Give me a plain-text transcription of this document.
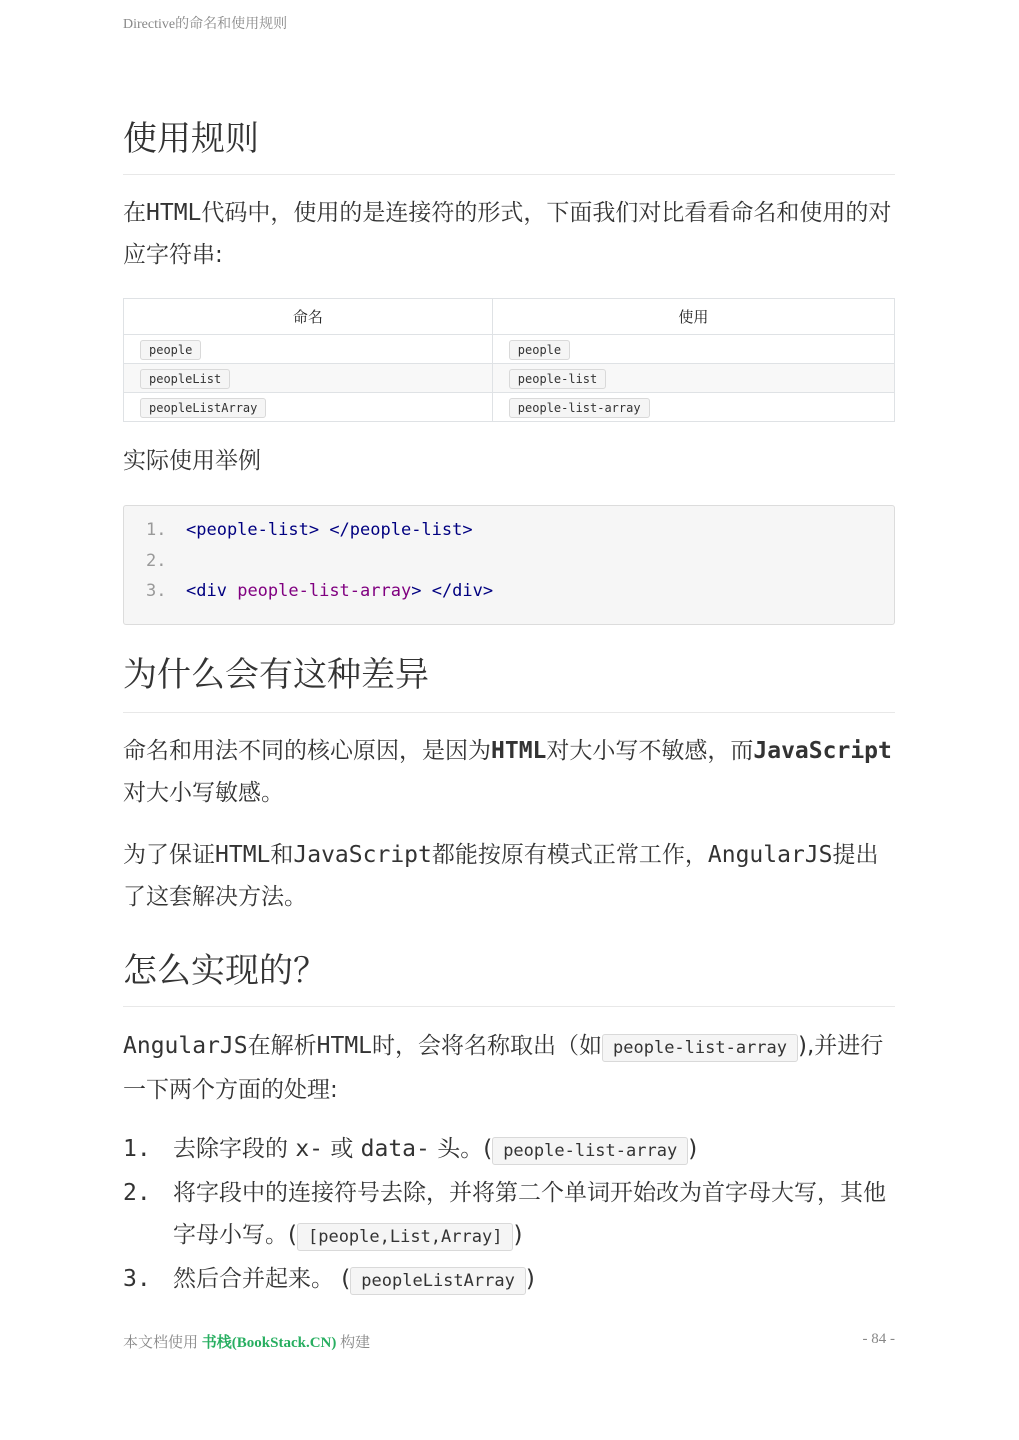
Directive的命名和使用规则
使用规则

在HTML代码中，使用的是连接符的形式，下面我们对比看看命名和使用的对应字符串:

命名	使用
people	people
peopleList	people-list
peopleListArray	people-list-array

实际使用举例

1. <people-list> </people-list>
2.
3. <div people-list-array> </div>
为什么会有这种差异

命名和用法不同的核心原因，是因为HTML对大小写不敏感，而JavaScript对大小写敏感。

为了保证HTML和JavaScript都能按原有模式正常工作，AngularJS提出了这套解决方法。

怎么实现的？

AngularJS在解析HTML时，会将名称取出（如 people-list-array ),并进行一下两个方面的处理:

1. 去除字段的 x- 或 data- 头。( people-list-array )
2. 将字段中的连接符号去除，并将第二个单词开始改为首字母大写，其他字母小写。( [people,List,Array] )
3. 然后合并起来。 ( peopleListArray )
本文档使用 书栈(BookStack.CN) 构建	- 84 -
